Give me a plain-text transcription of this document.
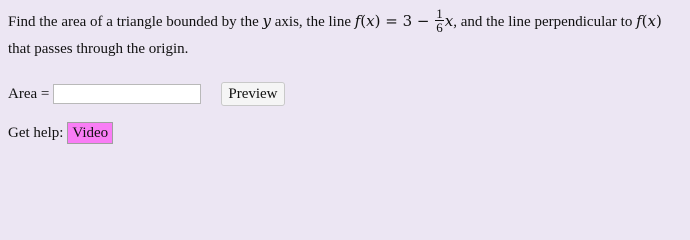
Find the area of a triangle bounded by the y axis, the line $f(x) = 3 - \frac{1}{6} x$, and the line perpendicular to f(x) that passes through the origin.
Area =	Preview
Get help: Video
